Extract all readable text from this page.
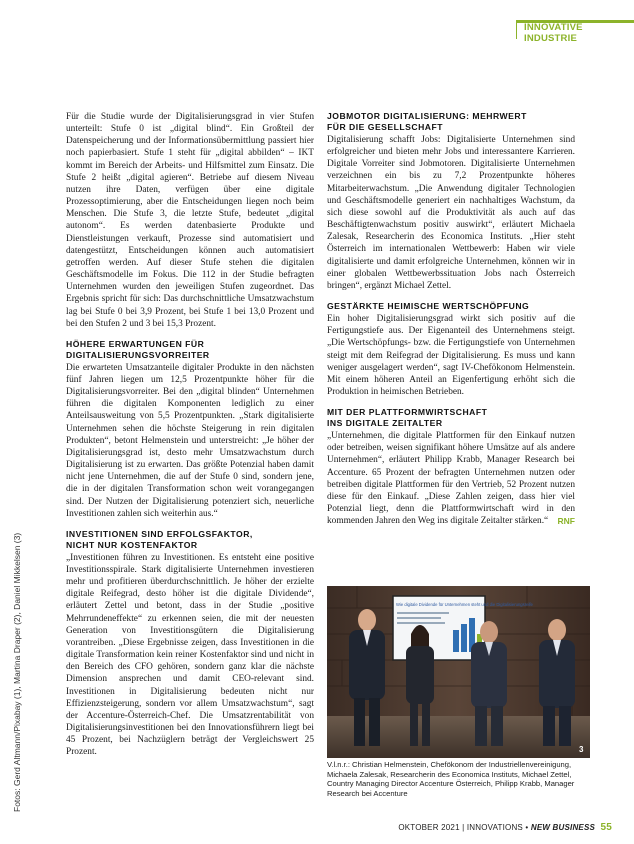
INNOVATIVE INDUSTRIE
Fotos: Gerd Altmann/Pixabay (1), Martina Draper (2), Daniel Mikkelsen (3)

Für die Studie wurde der Digitalisierungsgrad in vier Stufen unterteilt: Stufe 0 ist „digital blind“. Ein Großteil der Datenspeicherung und der Informationsübermittlung passiert hier noch papierbasiert. Stufe 1 steht für „digital abbilden“ – IKT kommt im Bereich der Arbeits- und Hilfsmittel zum Einsatz. Die Stufe 2 heißt „digital agieren“. Betriebe auf diesem Niveau nutzen ihre Daten, verfügen über eine digitale Prozessoptimierung, aber die Entscheidungen liegen noch beim Menschen. Die Stufe 3, die letzte Stufe, bedeutet „digital autonom“. Es werden datenbasierte Produkte und Dienstleistungen verkauft, Prozesse sind automatisiert und datengestützt, Entscheidungen können auch automatisiert getroffen werden. Auf dieser Stufe stehen die digitalen Geschäftsmodelle im Fokus. Die 112 in der Studie befragten Unternehmen wurden den jeweiligen Stufen zugeordnet. Das Ergebnis spricht für sich: Das durchschnittliche Umsatzwachstum lag bei Stufe 0 bei 3,9 Prozent, bei Stufe 1 bei 13,0 Prozent und bei den Stufen 2 und 3 bei 15,3 Prozent.

HÖHERE ERWARTUNGEN FÜR
DIGITALISIERUNGSVORREITER

Die erwarteten Umsatzanteile digitaler Produkte in den nächsten fünf Jahren liegen um 12,5 Prozentpunkte höher für die Digitalisierungsvorreiter. Bei den „digital blinden“ Unternehmen führen die digitalen Komponenten lediglich zu einer Anteilsausweitung von 5,5 Prozentpunkten. „Stark digitalisierte Unternehmen sehen die höchste Steigerung in rein digitalen Produkten“, betont Helmenstein und unterstreicht: „Je höher der Digitalisierungsgrad ist, desto mehr Umsatzwachstum durch Digitalisierung ist zu erwarten. Das größte Potenzial haben damit nicht jene Unternehmen, die auf der Stufe 0 sind, sondern jene, die in der digitalen Transformation schon weit vorangegangen sind. Der Nutzen der Digitalisierung potenziert sich, neuerliche Investitionen zahlen sich weiterhin aus.“

INVESTITIONEN SIND ERFOLGSFAKTOR,
NICHT NUR KOSTENFAKTOR

„Investitionen führen zu Investitionen. Es entsteht eine positive Investitionsspirale. Stark digitalisierte Unternehmen investieren mehr und profitieren überdurchschnittlich. Je höher der erzielte digitale Reifegrad, desto höher ist die digitale Dividende“, erläutert Zettel und betont, dass in der Studie „positive Mehrrundeneffekte“ zu erkennen seien, die mit der neuesten Generation von Investitionsgütern die Digitalisierung vorantreiben. „Diese Ergebnisse zeigen, dass Investitionen in die digitale Transformation kein reiner Kostenfaktor sind und nicht in den Bereich des CFO gehören, sondern ganz klar die nächste Dimension ansprechen und damit CEO-relevant sind. Investitionen in Digitalisierung bedeuten nicht nur Effizienzsteigerung, sondern vor allem Umsatzwachstum“, sagt der Accenture-Österreich-Chef. Die Umsatzrentabilität von Digitalisierungsinvestitionen bei den Innovationsführern liegt bei 45 Prozent, bei Nachzüglern beträgt der Vergleichswert 25 Prozent.

JOBMOTOR DIGITALISIERUNG: MEHRWERT
FÜR DIE GESELLSCHAFT

Digitalisierung schafft Jobs: Digitalisierte Unternehmen sind erfolgreicher und bieten mehr Jobs und interessantere Karrieren. Digitale Vorreiter sind Jobmotoren. Digitalisierte Unternehmen verzeichnen ein bis zu 7,2 Prozentpunkte höheres Mitarbeiterwachstum. „Die Anwendung digitaler Technologien und Geschäftsmodelle generiert ein nachhaltiges Wachstum, da sich diese sowohl auf die Produktivität als auch auf das Beschäftigtenwachstum positiv auswirkt“, erläutert Michaela Zalesak, Researcherin des Economica Instituts. „Hier steht Österreich im internationalen Wettbewerb: Haben wir viele digitalisierte und damit erfolgreiche Unternehmen, können wir in einer globalen Wettbewerbssituation Jobs nach Österreich bringen“, ergänzt Michael Zettel.

GESTÄRKTE HEIMISCHE WERTSCHÖPFUNG

Ein hoher Digitalisierungsgrad wirkt sich positiv auf die Fertigungstiefe aus. Der Eigenanteil des Unternehmens steigt. „Die Wertschöpfungs- bzw. die Fertigungstiefe von Unternehmen steigt mit dem Reifegrad der Digitalisierung. Es muss und kann weniger ausgelagert werden“, sagt IV-Chefökonom Helmenstein. Mit einem höheren Anteil an Eigenfertigung erhöht sich die Produktion in heimischen Betrieben.

MIT DER PLATTFORMWIRTSCHAFT
INS DIGITALE ZEITALTER

„Unternehmen, die digitale Plattformen für den Einkauf nutzen oder betreiben, weisen signifikant höhere Umsätze auf als andere Unternehmen“, erläutert Philipp Krabb, Manager Research bei Accenture. 65 Prozent der befragten Unternehmen nutzen oder betreiben digitale Plattformen für den Vertrieb, 52 Prozent nutzen diese für den Einkauf. „Diese Zahlen zeigen, dass hier viel Potenzial liegt, denn die Plattformwirtschaft wird in den kommenden Jahren den Weg ins digitale Zeitalter stärken.“ RNF

Wie digitale Dividende für Unternehmen steht und die Digitalisierungsreife
3
V.l.n.r.: Christian Helmenstein, Chefökonom der Industriellenvereinigung, Michaela Zalesak, Researcherin des Economica Instituts, Michael Zettel, Country Managing Director Accenture Österreich, Philipp Krabb, Manager Research bei Accenture
OKTOBER 2021 | INNOVATIONS • NEW BUSINESS 55
